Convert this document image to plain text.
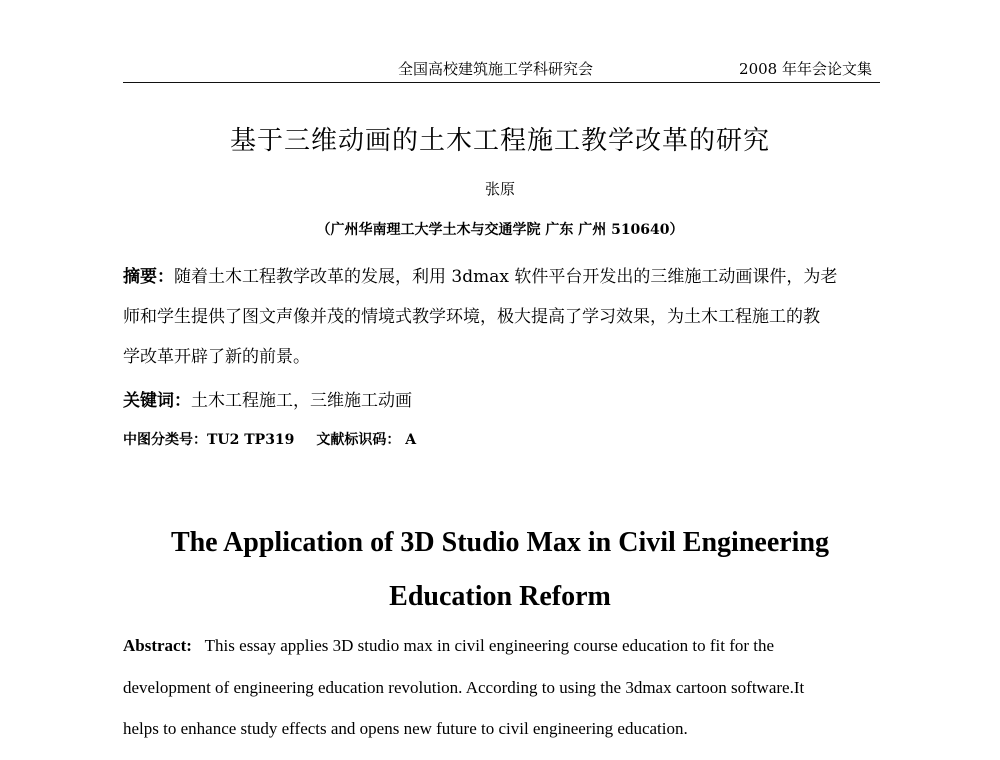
全国高校建筑施工学科研究会	2008 年年会论文集
基于三维动画的土木工程施工教学改革的研究
张原
（广州华南理工大学土木与交通学院 广东 广州 510640）
摘要：随着土木工程教学改革的发展，利用 3dmax 软件平台开发出的三维施工动画课件，为老
师和学生提供了图文声像并茂的情境式教学环境，极大提高了学习效果，为土木工程施工的教
学改革开辟了新的前景。
关键词：土木工程施工，三维施工动画
中图分类号：TU2 TP319 文献标识码： A
The Application of 3D Studio Max in Civil Engineering
Education Reform
Abstract: This essay applies 3D studio max in civil engineering course education to fit for the
development of engineering education revolution. According to using the 3dmax cartoon software.It
helps to enhance study effects and opens new future to civil engineering education.
